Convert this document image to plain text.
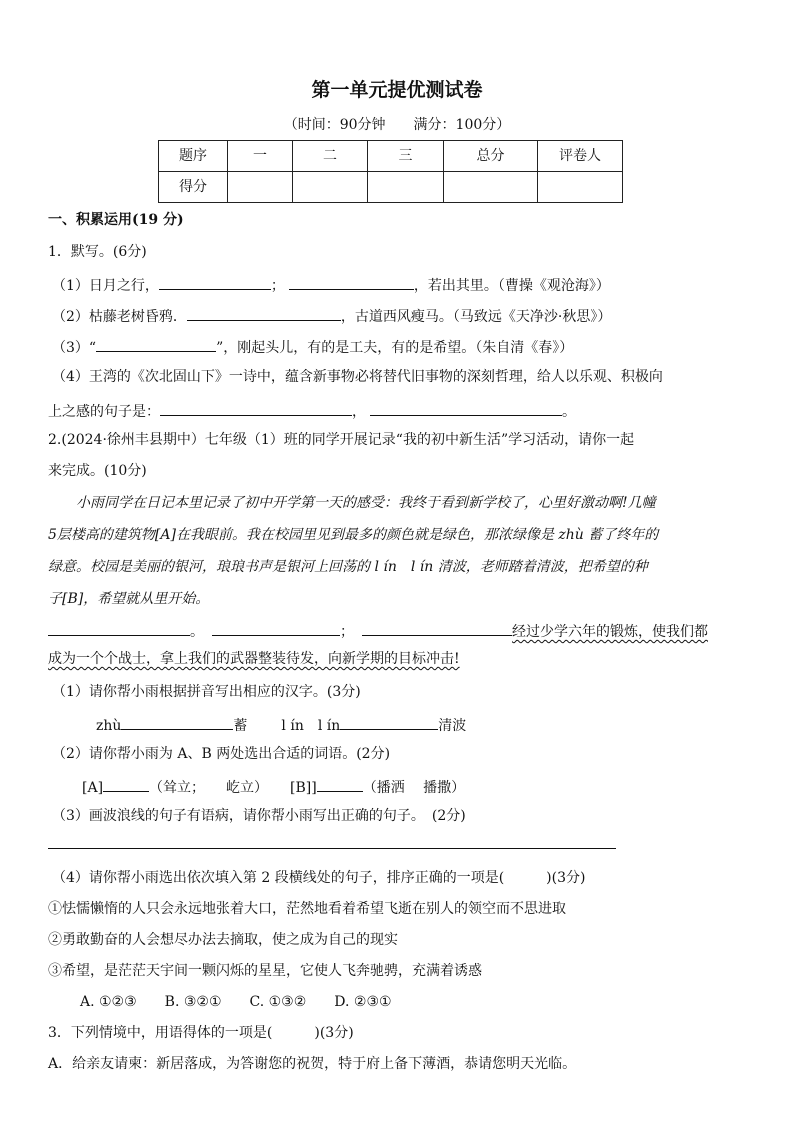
第一单元提优测试卷
（时间：90分钟　　满分：100分）
题序	一	二	三	总分	评卷人
得分					
一、积累运用(19 分)
1．默写。(6分)
（1）日月之行，	；	，若出其里。（曹操《观沧海》）
（2）枯藤老树昏鸦．	，古道西风瘦马。（马致远《天净沙·秋思》）
（3）“	”，刚起头儿，有的是工夫，有的是希望。（朱自清《春》）
（4）王湾的《次北固山下》一诗中，蕴含新事物必将替代旧事物的深刻哲理，给人以乐观、积极向
上之感的句子是：	，	。
2.(2024·徐州丰县期中）七年级（1）班的同学开展记录“我的初中新生活”学习活动，请你一起
来完成。(10分)
小雨同学在日记本里记录了初中开学第一天的感受：我终于看到新学校了，心里好激动啊!几幢
5层楼高的建筑物[A]在我眼前。我在校园里见到最多的颜色就是绿色，那浓绿像是 zhù 蓄了终年的
绿意。校园是美丽的银河，琅琅书声是银河上回荡的 l ín　l ín 清波，老师踏着清波，把希望的种
子[B]，希望就从里开始。
。	；	经过少学六年的锻炼，使我们都
成为一个个战士，拿上我们的武器整装待发，向新学期的目标冲击!
（1）请你帮小雨根据拼音写出相应的汉字。(3分)
zhù	蓄 l ín　l ín	清波
（2）请你帮小雨为 A、B 两处选出合适的词语。(2分)
[A]	（耸立；　　屹立） [B]]	（播洒　 播撒）
（3）画波浪线的句子有语病，请你帮小雨写出正确的句子。　(2分)
（4）请你帮小雨选出依次填入第 2 段横线处的句子，排序正确的一项是(　　　)(3分)
①怯懦懒惰的人只会永远地张着大口，茫然地看着希望飞逝在别人的领空而不思进取
②勇敢勤奋的人会想尽办法去摘取，使之成为自己的现实
③希望，是茫茫天宇间一颗闪烁的星星，它使人飞奔驰骋，充满着诱惑
A. ①②③　　B. ③②①　　C. ①③②　　D. ②③①
3．下列情境中，用语得体的一项是(　　　)(3分)
A．给亲友请柬：新居落成，为答谢您的祝贺，特于府上备下薄酒，恭请您明天光临。
